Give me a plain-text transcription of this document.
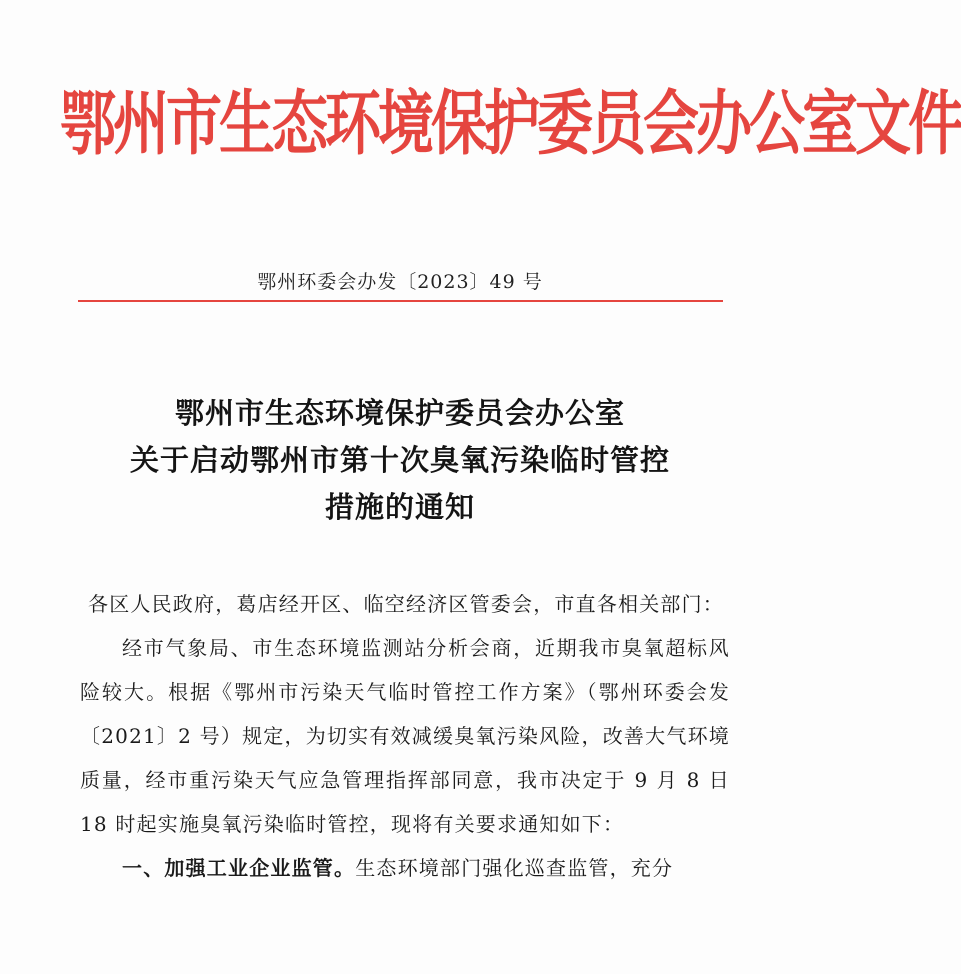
鄂州市生态环境保护委员会办公室文件
鄂州环委会办发〔2023〕49 号
鄂州市生态环境保护委员会办公室
关于启动鄂州市第十次臭氧污染临时管控
措施的通知

各区人民政府，葛店经开区、临空经济区管委会，市直各相关部门：

经市气象局、市生态环境监测站分析会商，近期我市臭氧超标风险较大。根据《鄂州市污染天气临时管控工作方案》（鄂州环委会发〔2021〕2 号）规定，为切实有效减缓臭氧污染风险，改善大气环境质量，经市重污染天气应急管理指挥部同意，我市决定于 9 月 8 日 18 时起实施臭氧污染临时管控，现将有关要求通知如下：

一、加强工业企业监管。生态环境部门强化巡查监管，充分
